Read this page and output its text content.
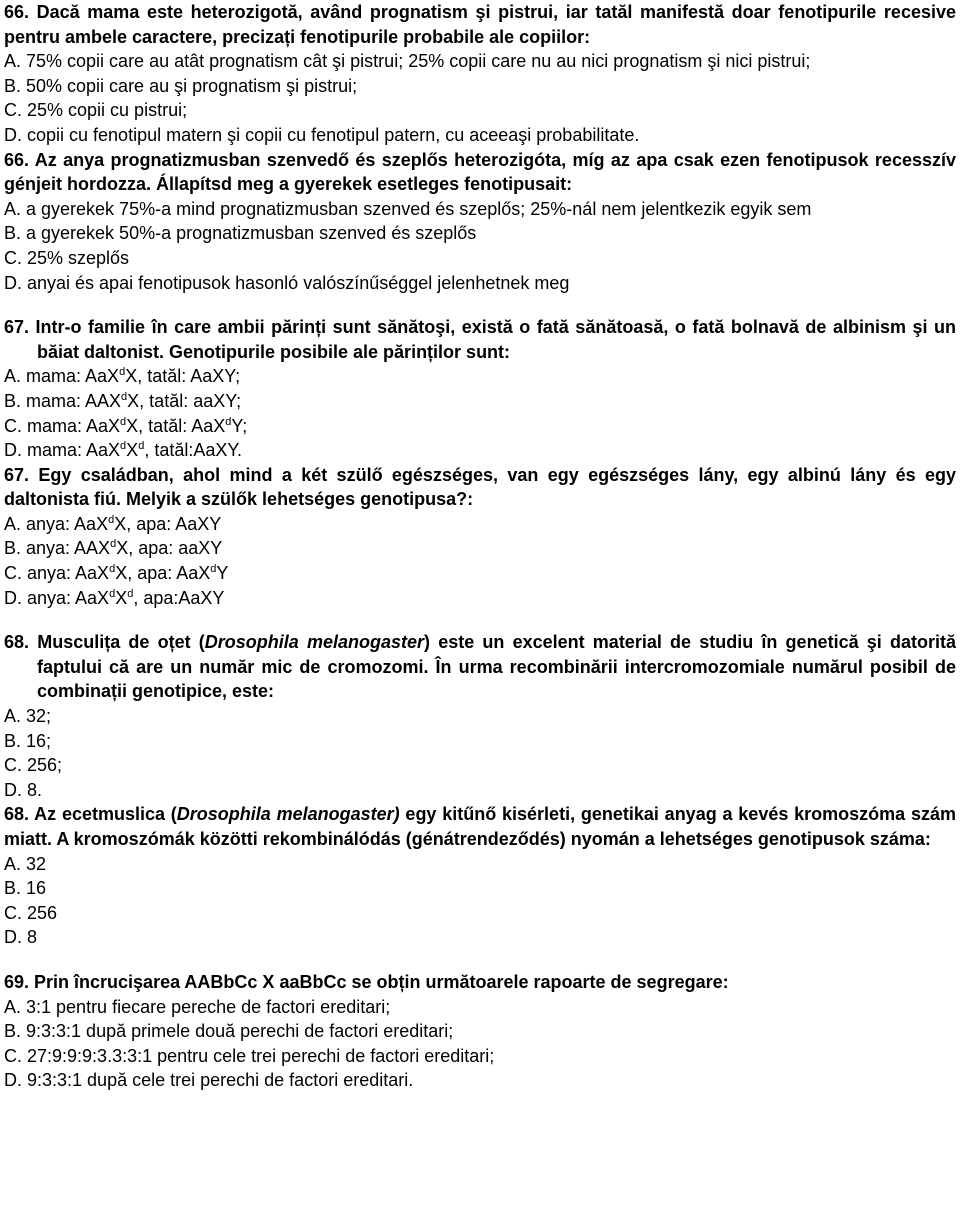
66. Dacă mama este heterozigotă, având prognatism şi pistrui, iar tatăl manifestă doar fenotipurile recesive pentru ambele caractere, precizați fenotipurile probabile ale copiilor:

A. 75% copii care au atât prognatism cât şi pistrui; 25% copii care nu au nici prognatism şi nici pistrui;

B. 50% copii care au şi prognatism şi pistrui;

C. 25% copii cu pistrui;

D. copii cu fenotipul matern şi copii cu fenotipul patern, cu aceeaşi probabilitate.

66. Az anya prognatizmusban szenvedő és szeplős heterozigóta, míg az apa csak ezen fenotipusok recesszív génjeit hordozza. Állapítsd meg a gyerekek esetleges fenotipusait:

A. a gyerekek 75%-a mind prognatizmusban szenved és szeplős; 25%-nál nem jelentkezik egyik sem

B. a gyerekek 50%-a prognatizmusban szenved és szeplős

C. 25% szeplős

D. anyai és apai fenotipusok hasonló valószínűséggel jelenhetnek meg

67. Intr-o familie în care ambii părinți sunt sănătoşi, există o fată sănătoasă, o fată bolnavă de albinism şi un băiat daltonist. Genotipurile posibile ale părinților sunt:

A. mama: AaX$^d$X, tatăl: AaXY;

B. mama: AAX$^d$X, tatăl: aaXY;

C. mama: AaX$^d$X, tatăl: AaX$^d$Y;

D. mama: $AaX^dX^d$, tatăl:AaXY.

67. Egy családban, ahol mind a két szülő egészséges, van egy egészséges lány, egy albinú lány és egy daltonista fiú. Melyik a szülők lehetséges genotipusa?:

A. anya: AaX$^d$X, apa: AaXY

B. anya: AAX$^d$X, apa: aaXY

C. anya: AaX$^d$X, apa: AaX$^d$Y

D. anya: $AaX^dX^d$, apa:AaXY

68. Musculița de oțet (Drosophila melanogaster) este un excelent material de studiu în genetică şi datorită faptului că are un număr mic de cromozomi. În urma recombinării intercromozomiale numărul posibil de combinații genotipice, este:

A. 32;

B. 16;

C. 256;

D. 8.

68. Az ecetmuslica (Drosophila melanogaster) egy kitűnő kisérleti, genetikai anyag a kevés kromoszóma szám miatt. A kromoszómák közötti rekombinálódás (génátrendeződés) nyomán a lehetséges genotipusok száma:

A. 32

B. 16

C. 256

D. 8

69. Prin încrucişarea AABbCc X aaBbCc se obțin următoarele rapoarte de segregare:

A. 3:1 pentru fiecare pereche de factori ereditari;

B. 9:3:3:1 după primele două perechi de factori ereditari;

C. 27:9:9:9:3.3:3:1 pentru cele trei perechi de factori ereditari;

D. 9:3:3:1 după cele trei perechi de factori ereditari.
